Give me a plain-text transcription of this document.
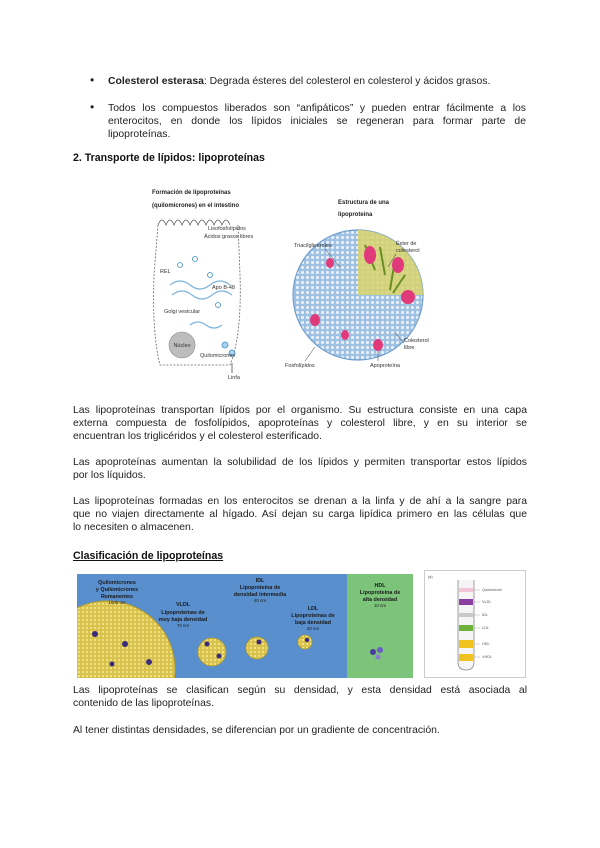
• Colesterol esterasa: Degrada ésteres del colesterol en colesterol y ácidos grasos.
• Todos los compuestos liberados son “anfipáticos” y pueden entrar fácilmente a los
enterocitos, en donde los lípidos iniciales se regeneran para formar parte de
lipoproteínas.
2. Transporte de lípidos: lipoproteínas
Formación de lipoproteínas
(quilomicrones) en el intestino
Núcleo
Lisofosfolípidos
Ácidos grasos libres
REL
Apo B-48
Golgi vesicular
Quilomicrones
Linfa
Estructura de una
lipoproteína
Triacilgliceroles	Éster de
colesterol
Colesterol
libre
Fosfolípidos	Apoproteína
Las lipoproteínas transportan lípidos por el organismo. Su estructura consiste en una capa
externa compuesta de fosfolípidos, apoproteínas y colesterol libre, y en su interior se
encuentran los triglicéridos y el colesterol esterificado.
Las apoproteínas aumentan la solubilidad de los lípidos y permiten transportar estos lípidos
por los líquidos.
Las lipoproteínas formadas en los enterocitos se drenan a la linfa y de ahí a la sangre para
que no viajen directamente al hígado. Así dejan su carga lipídica primero en las células que
lo necesiten o almacenen.
Clasificación de lipoproteínas
Quilomicrones
y Quilomicrones
Remanentes
1000 nm	VLDL
Lipoproteínas de
muy baja densidad
70 nm
IDL
Lipoproteína de
densidad intermedia
40 nm
LDL
Lipoproteínas de
baja densidad
20 nm
HDL
Lipoproteína de
alta densidad
10 nm
(a)
Quilomicrón
VLDL
IDL
LDL
HDL
VHDL
Las lipoproteínas se clasifican según su densidad, y esta densidad está asociada al
contenido de las lipoproteínas.
Al tener distintas densidades, se diferencian por un gradiente de concentración.
